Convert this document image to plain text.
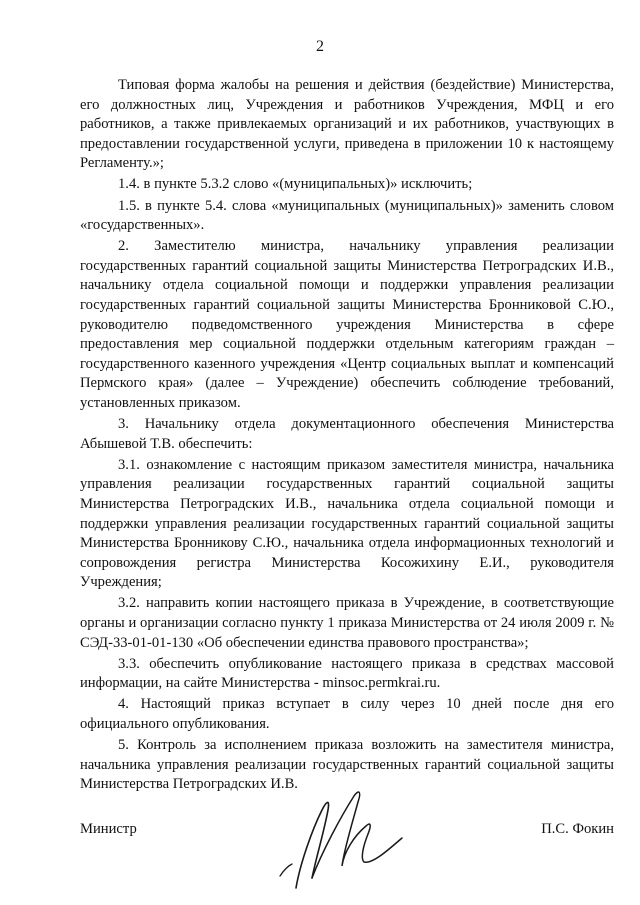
2

Типовая форма жалобы на решения и действия (бездействие) Министерства, его должностных лиц, Учреждения и работников Учреждения, МФЦ и его работников, а также привлекаемых организаций и их работников, участвующих в предоставлении государственной услуги, приведена в приложении 10 к настоящему Регламенту.»;

1.4. в пункте 5.3.2 слово «(муниципальных)» исключить;

1.5. в пункте 5.4. слова «муниципальных (муниципальных)» заменить словом «государственных».

2. Заместителю министра, начальнику управления реализации государственных гарантий социальной защиты Министерства Петроградских И.В., начальнику отдела социальной помощи и поддержки управления реализации государственных гарантий социальной защиты Министерства Бронниковой С.Ю., руководителю подведомственного учреждения Министерства в сфере предоставления мер социальной поддержки отдельным категориям граждан – государственного казенного учреждения «Центр социальных выплат и компенсаций Пермского края» (далее – Учреждение) обеспечить соблюдение требований, установленных приказом.

3. Начальнику отдела документационного обеспечения Министерства Абышевой Т.В. обеспечить:

3.1. ознакомление с настоящим приказом заместителя министра, начальника управления реализации государственных гарантий социальной защиты Министерства Петроградских И.В., начальника отдела социальной помощи и поддержки управления реализации государственных гарантий социальной защиты Министерства Бронникову С.Ю., начальника отдела информационных технологий и сопровождения регистра Министерства Косожихину Е.И., руководителя Учреждения;

3.2. направить копии настоящего приказа в Учреждение, в соответствующие органы и организации согласно пункту 1 приказа Министерства от 24 июля 2009 г. № СЭД-33-01-01-130 «Об обеспечении единства правового пространства»;

3.3. обеспечить опубликование настоящего приказа в средствах массовой информации, на сайте Министерства - minsoc.permkrai.ru.

4. Настоящий приказ вступает в силу через 10 дней после дня его официального опубликования.

5. Контроль за исполнением приказа возложить на заместителя министра, начальника управления реализации государственных гарантий социальной защиты Министерства Петроградских И.В.

Министр	П.С. Фокин
